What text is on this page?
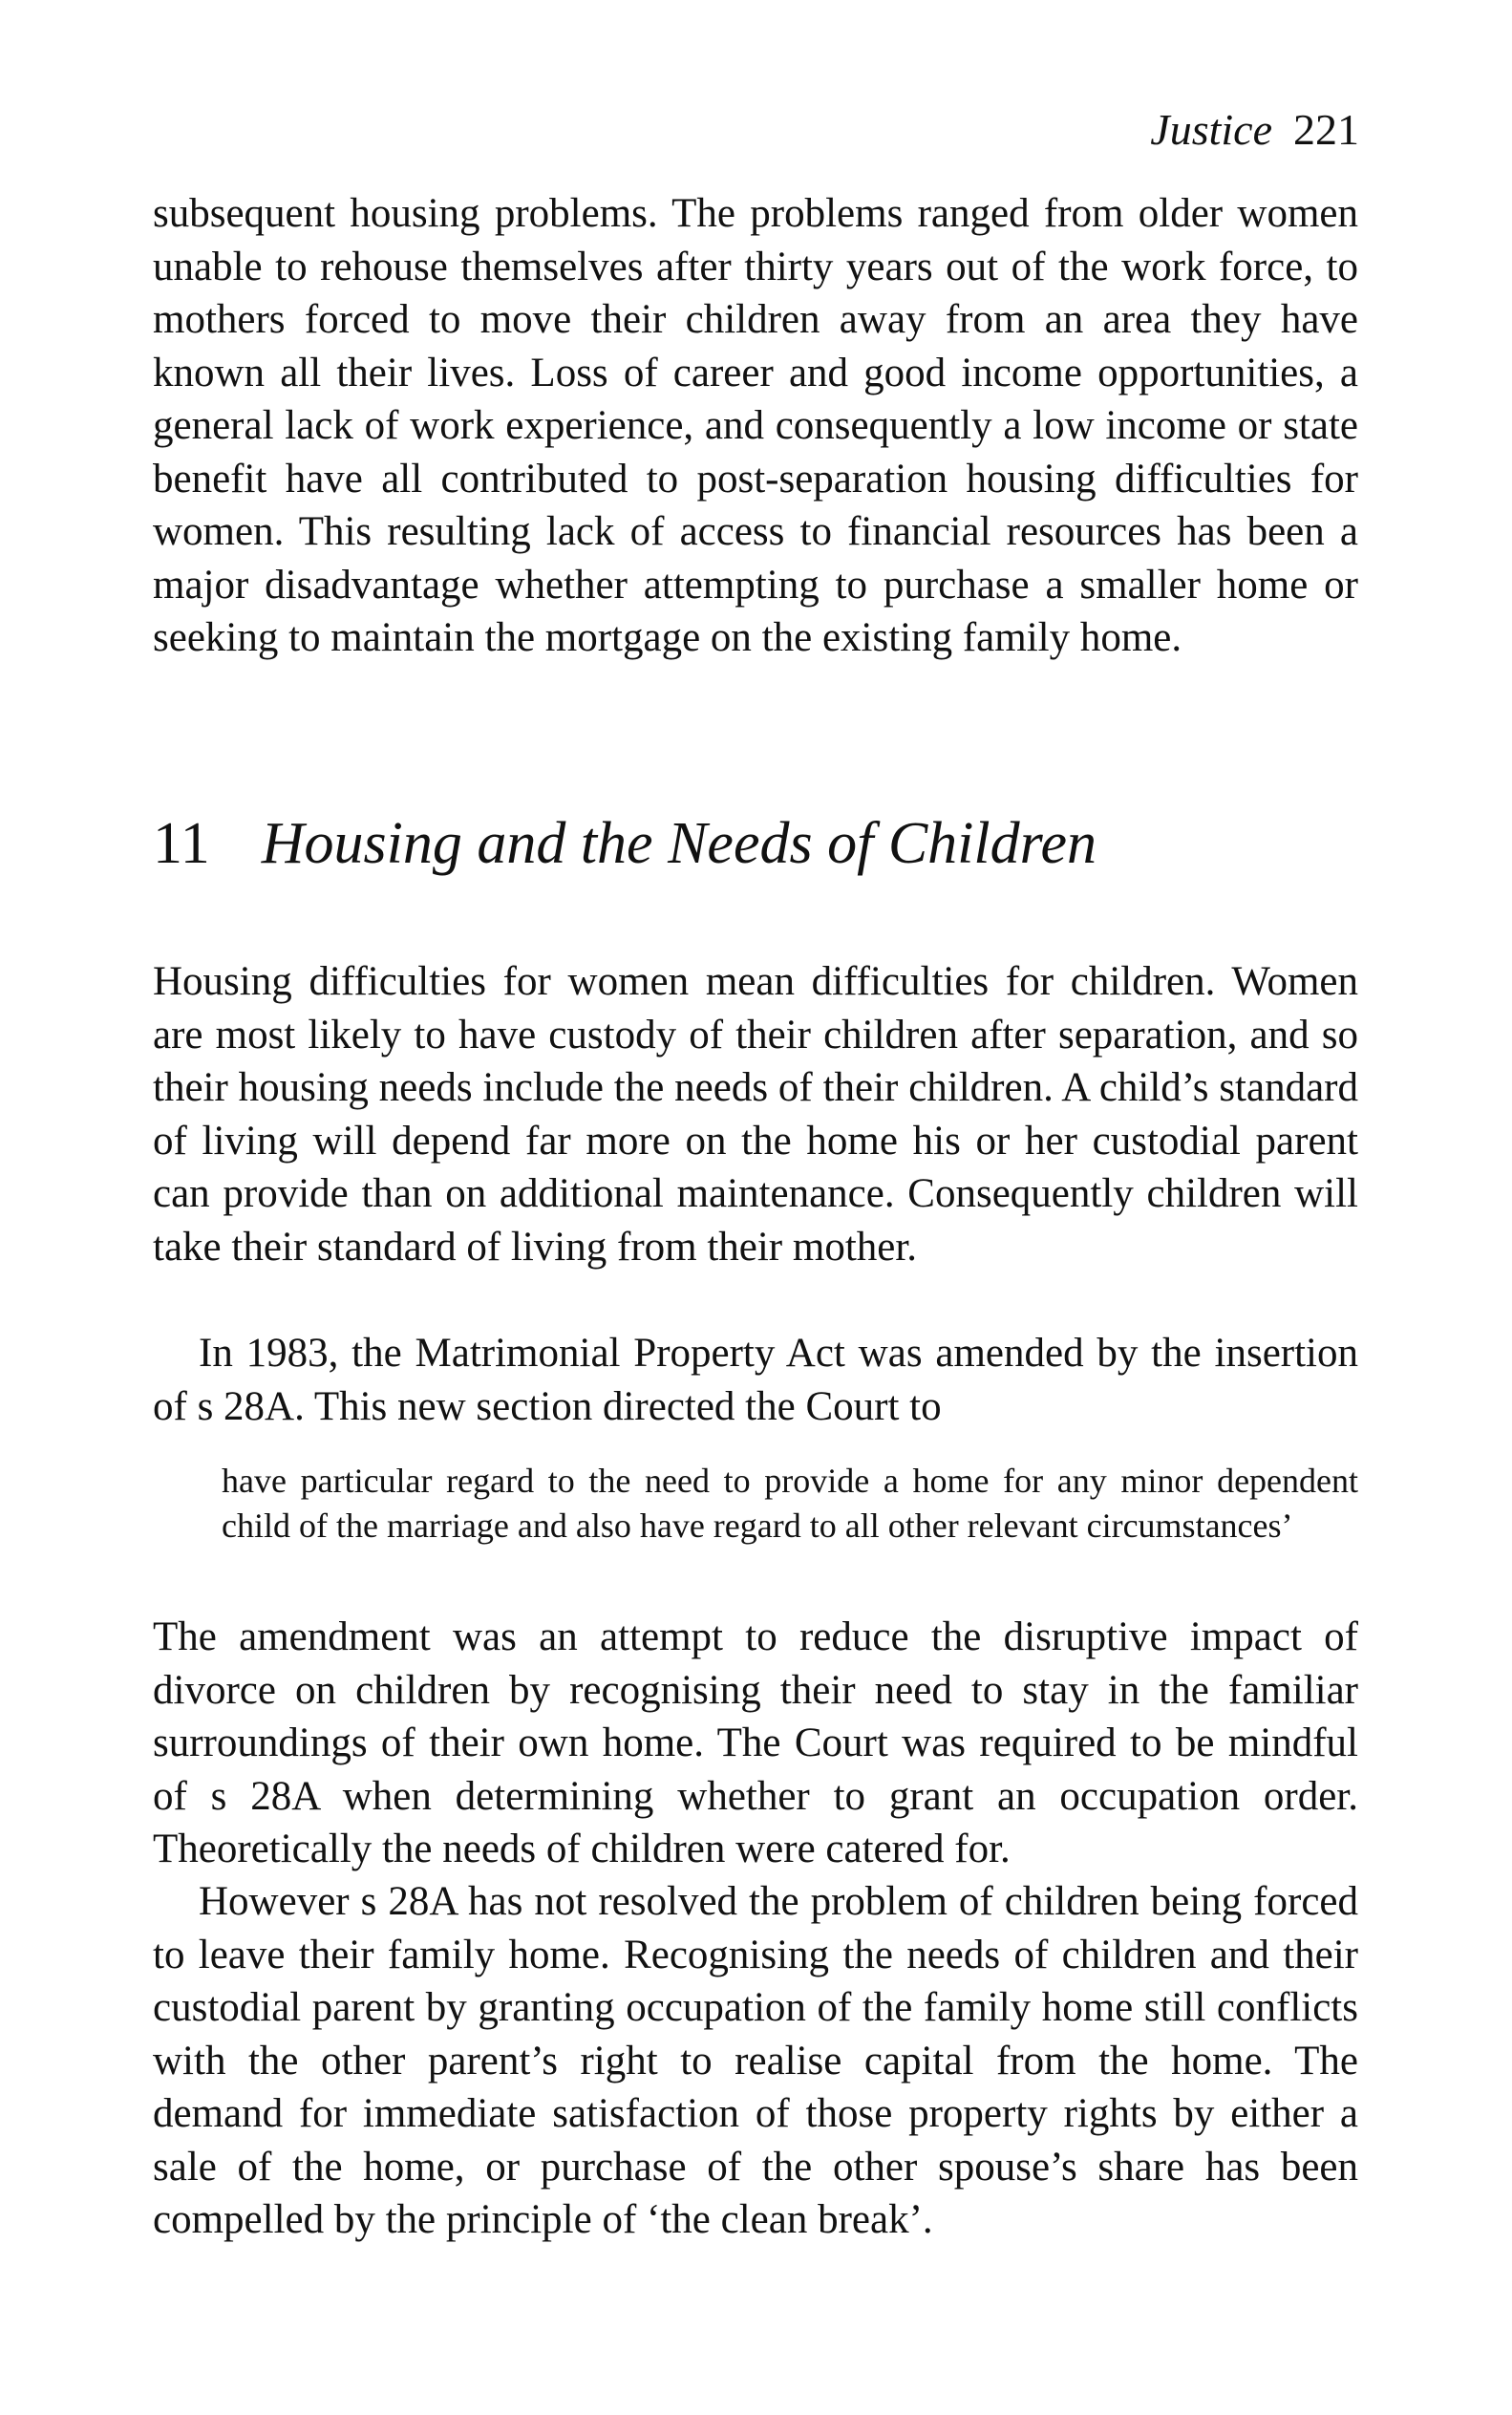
Justice 221

subsequent housing problems. The problems ranged from older women unable to rehouse themselves after thirty years out of the work force, to mothers forced to move their children away from an area they have known all their lives. Loss of career and good income opportunities, a general lack of work experience, and consequently a low income or state benefit have all contributed to post-separation housing difficulties for women. This resulting lack of access to financial resources has been a major disadvantage whether attempting to purchase a smaller home or seeking to maintain the mortgage on the existing family home.

11 Housing and the Needs of Children

Housing difficulties for women mean difficulties for children. Women are most likely to have custody of their children after separation, and so their housing needs include the needs of their children. A child’s standard of living will depend far more on the home his or her custodial parent can provide than on additional maintenance. Consequently children will take their standard of living from their mother.

In 1983, the Matrimonial Property Act was amended by the insertion of s 28A. This new section directed the Court to

have particular regard to the need to provide a home for any minor dependent child of the marriage and also have regard to all other relevant circumstances’

The amendment was an attempt to reduce the disruptive impact of divorce on children by recognising their need to stay in the familiar surroundings of their own home. The Court was required to be mindful of s 28A when determining whether to grant an occupation order. Theoretically the needs of children were catered for.

However s 28A has not resolved the problem of children being forced to leave their family home. Recognising the needs of children and their custodial parent by granting occupation of the family home still conflicts with the other parent’s right to realise capital from the home. The demand for immediate satisfaction of those property rights by either a sale of the home, or purchase of the other spouse’s share has been compelled by the principle of ‘the clean break’.
